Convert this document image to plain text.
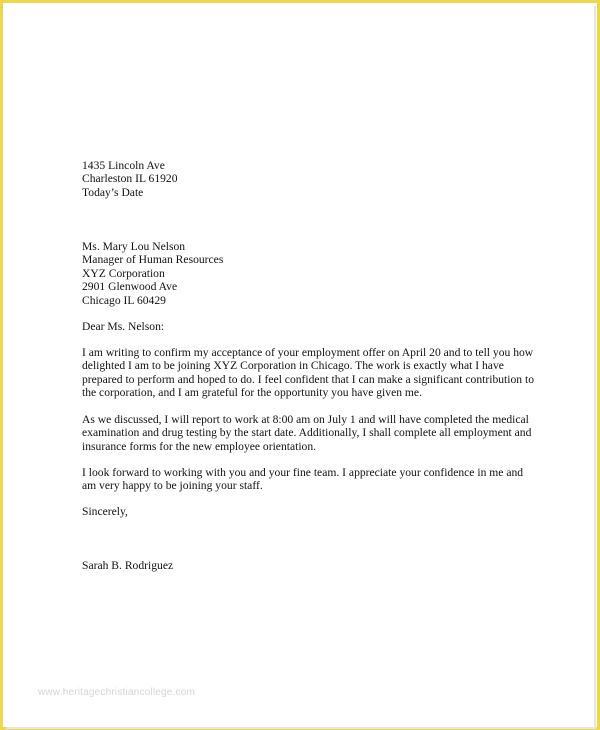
1435 Lincoln Ave
Charleston IL 61920
Today’s Date
Ms. Mary Lou Nelson
Manager of Human Resources
XYZ Corporation
2901 Glenwood Ave
Chicago IL 60429
Dear Ms. Nelson:
I am writing to confirm my acceptance of your employment offer on April 20 and to tell you how
delighted I am to be joining XYZ Corporation in Chicago. The work is exactly what I have
prepared to perform and hoped to do. I feel confident that I can make a significant contribution to
the corporation, and I am grateful for the opportunity you have given me.
As we discussed, I will report to work at 8:00 am on July 1 and will have completed the medical
examination and drug testing by the start date. Additionally, I shall complete all employment and
insurance forms for the new employee orientation.
I look forward to working with you and your fine team. I appreciate your confidence in me and
am very happy to be joining your staff.
Sincerely,
Sarah B. Rodriguez
www.heritagechristiancollege.com
